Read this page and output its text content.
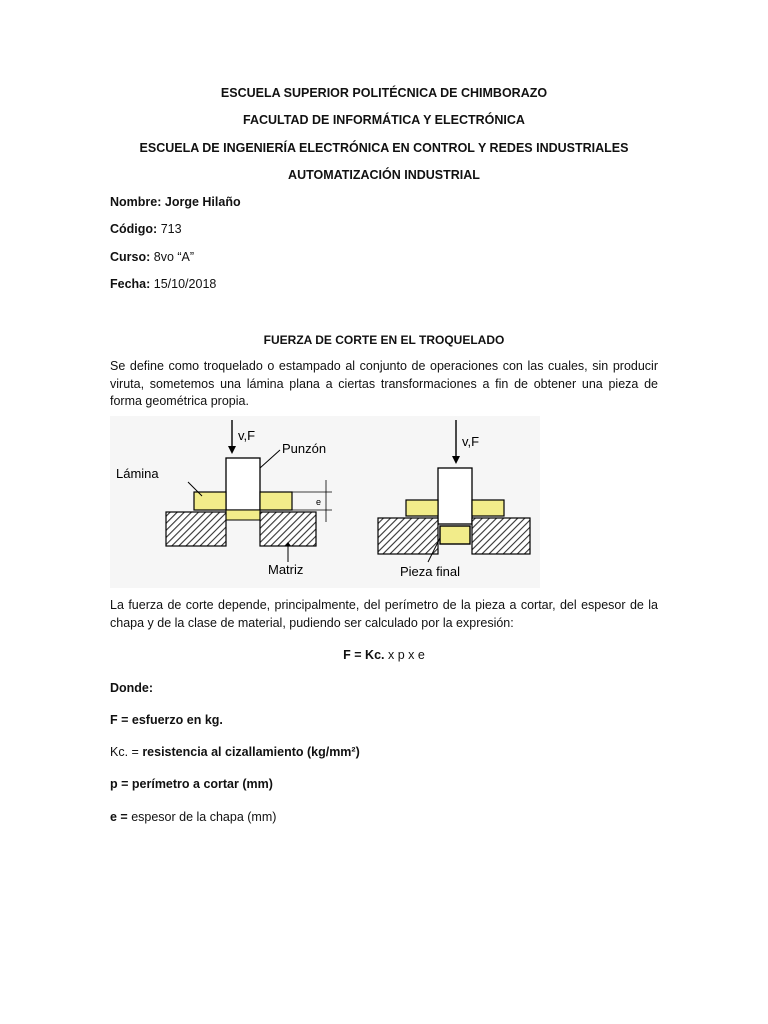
ESCUELA SUPERIOR POLITÉCNICA DE CHIMBORAZO
FACULTAD DE INFORMÁTICA Y ELECTRÓNICA
ESCUELA DE INGENIERÍA ELECTRÓNICA EN CONTROL Y REDES INDUSTRIALES
AUTOMATIZACIÓN INDUSTRIAL
Nombre: Jorge Hilaño
Código: 713
Curso: 8vo “A”
Fecha: 15/10/2018
FUERZA DE CORTE EN EL TROQUELADO
Se define como troquelado o estampado al conjunto de operaciones con las cuales, sin producir viruta, sometemos una lámina plana a ciertas transformaciones a fin de obtener una pieza de forma geométrica propia.
v,F
Punzón
Lámina
e
Matriz
v,F
Pieza final
La fuerza de corte depende, principalmente, del perímetro de la pieza a cortar, del espesor de la chapa y de la clase de material, pudiendo ser calculado por la expresión:
F = Kc. x p x e
Donde:
F = esfuerzo en kg.
Kc. = resistencia al cizallamiento (kg/mm²)
p = perímetro a cortar (mm)
e = espesor de la chapa (mm)
